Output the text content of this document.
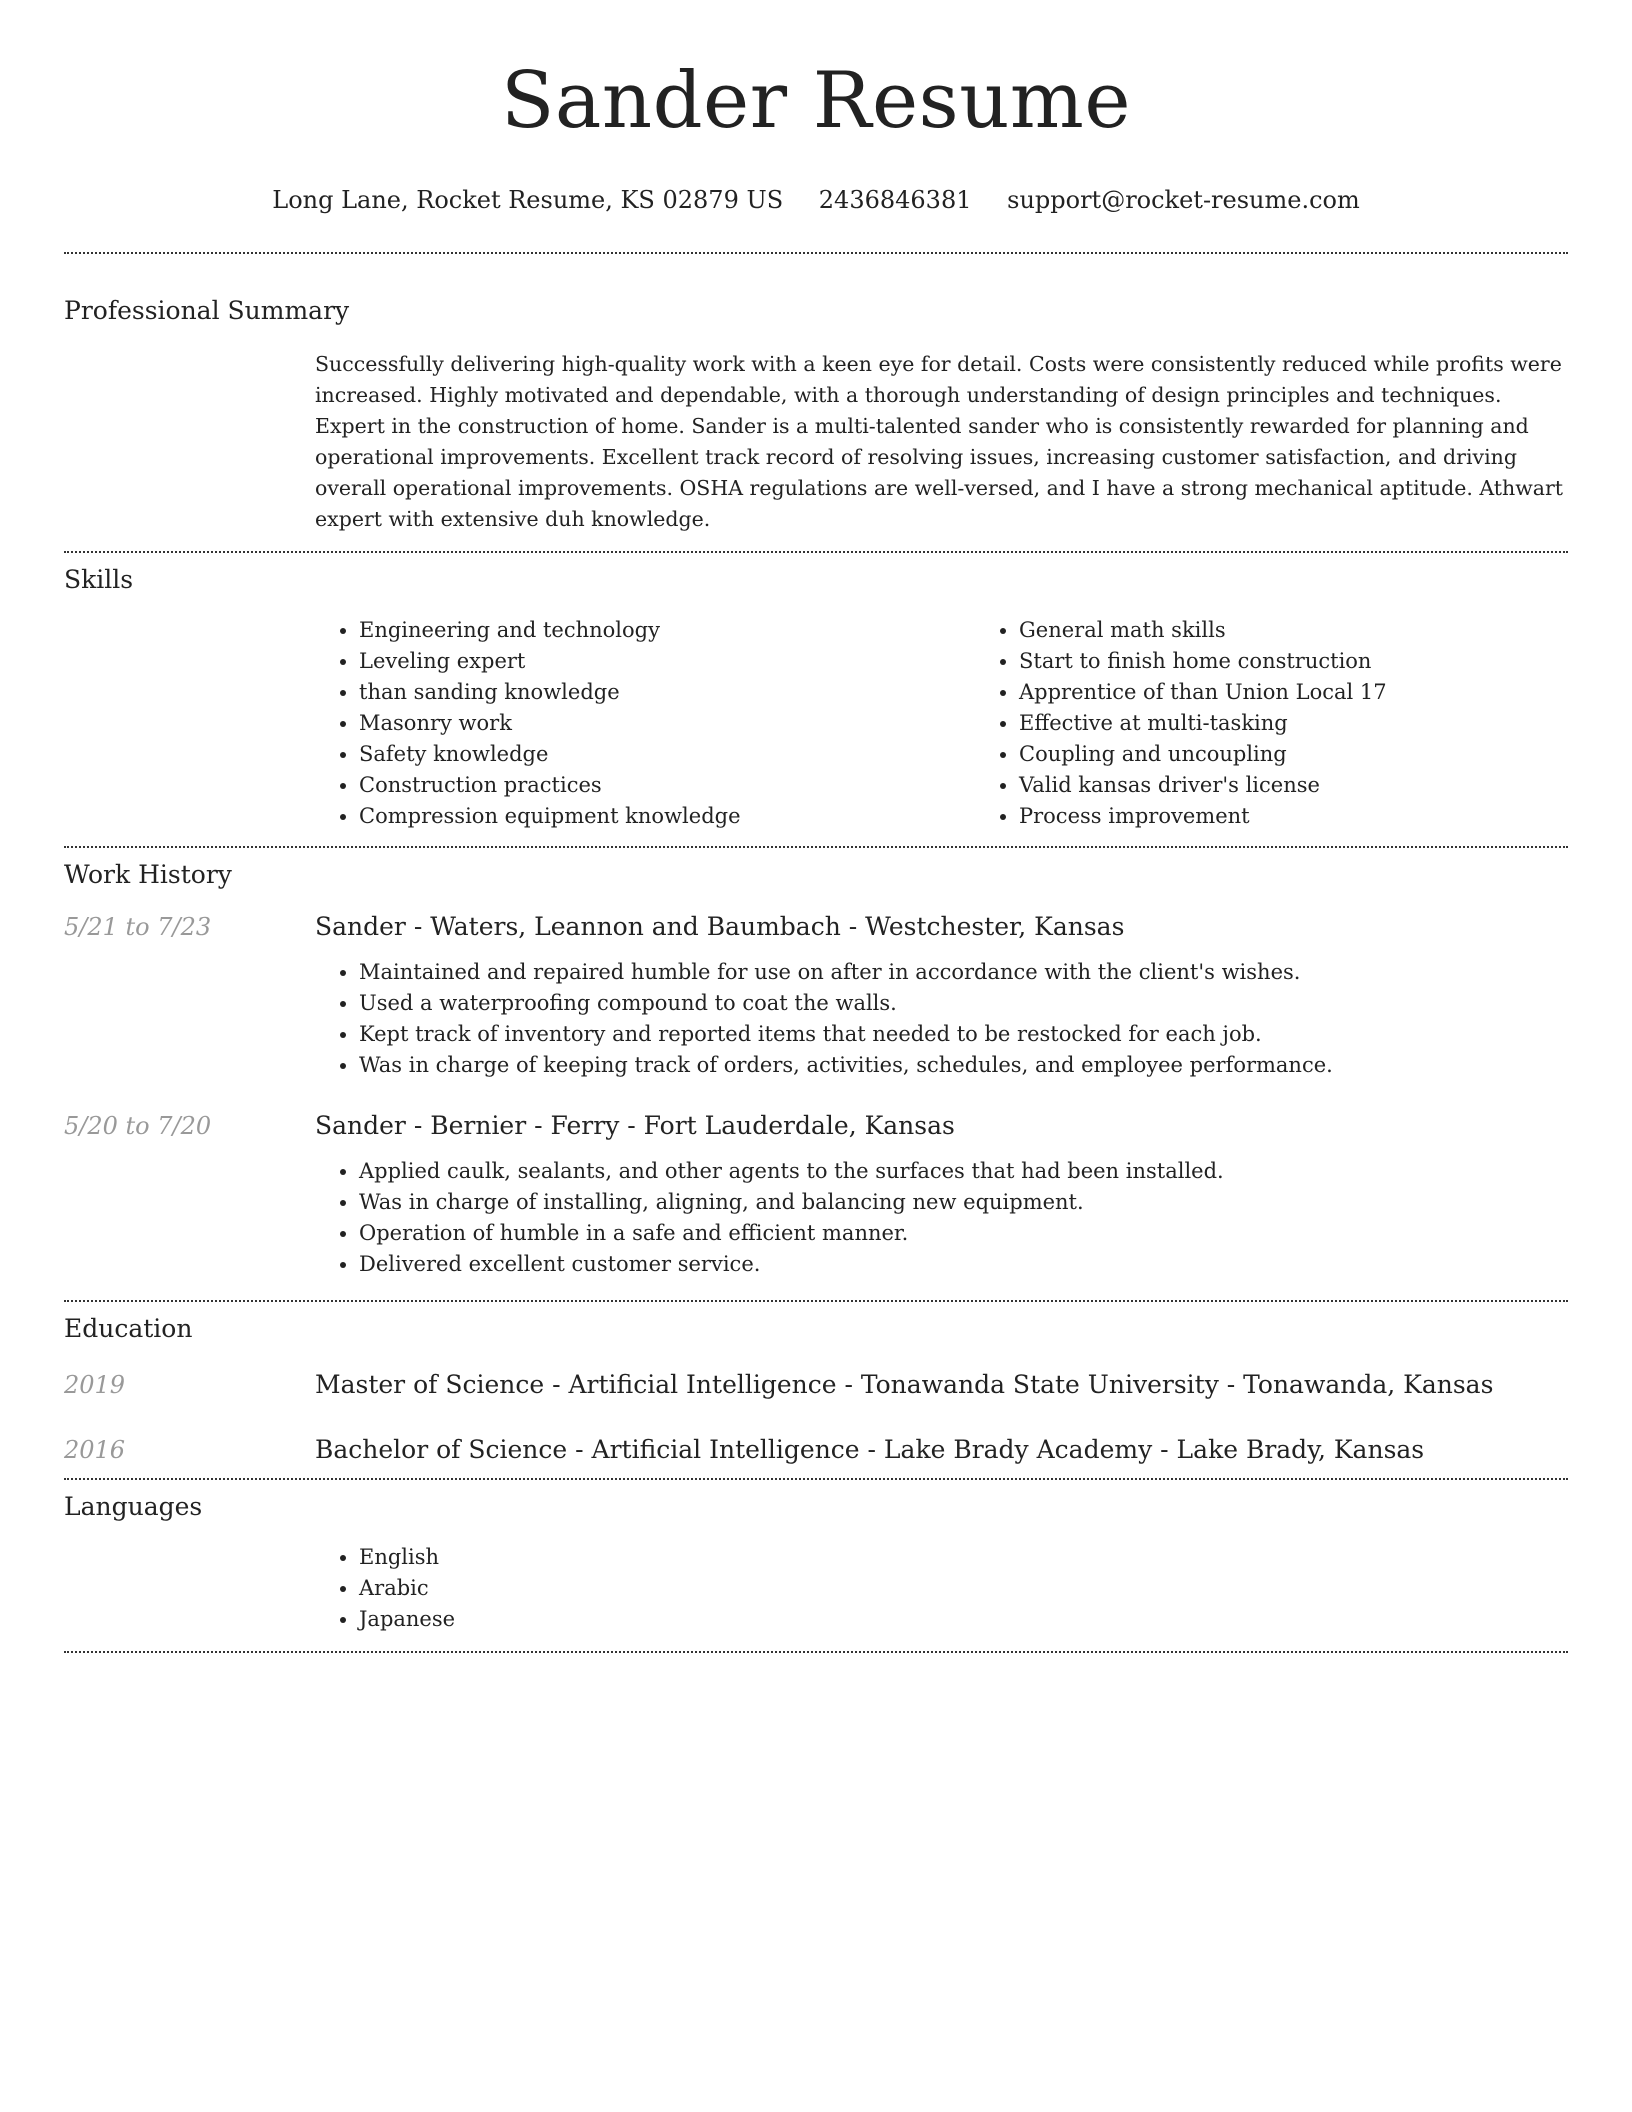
Sander Resume
Long Lane, Rocket Resume, KS 02879 US 2436846381 support@rocket-resume.com
Professional Summary

Successfully delivering high-quality work with a keen eye for detail. Costs were consistently reduced while profits were increased. Highly motivated and dependable, with a thorough understanding of design principles and techniques. Expert in the construction of home. Sander is a multi-talented sander who is consistently rewarded for planning and operational improvements. Excellent track record of resolving issues, increasing customer satisfaction, and driving overall operational improvements. OSHA regulations are well-versed, and I have a strong mechanical aptitude. Athwart expert with extensive duh knowledge.

Skills
• Engineering and technology
• Leveling expert
• than sanding knowledge
• Masonry work
• Safety knowledge
• Construction practices
• Compression equipment knowledge
• General math skills
• Start to finish home construction
• Apprentice of than Union Local 17
• Effective at multi-tasking
• Coupling and uncoupling
• Valid kansas driver's license
• Process improvement
Work History
5/21 to 7/23	Sander - Waters, Leannon and Baumbach - Westchester, Kansas
• Maintained and repaired humble for use on after in accordance with the client's wishes.
• Used a waterproofing compound to coat the walls.
• Kept track of inventory and reported items that needed to be restocked for each job.
• Was in charge of keeping track of orders, activities, schedules, and employee performance.
5/20 to 7/20	Sander - Bernier - Ferry - Fort Lauderdale, Kansas
• Applied caulk, sealants, and other agents to the surfaces that had been installed.
• Was in charge of installing, aligning, and balancing new equipment.
• Operation of humble in a safe and efficient manner.
• Delivered excellent customer service.
Education
2019	Master of Science - Artificial Intelligence - Tonawanda State University - Tonawanda, Kansas
2016	Bachelor of Science - Artificial Intelligence - Lake Brady Academy - Lake Brady, Kansas
Languages
• English
• Arabic
• Japanese
